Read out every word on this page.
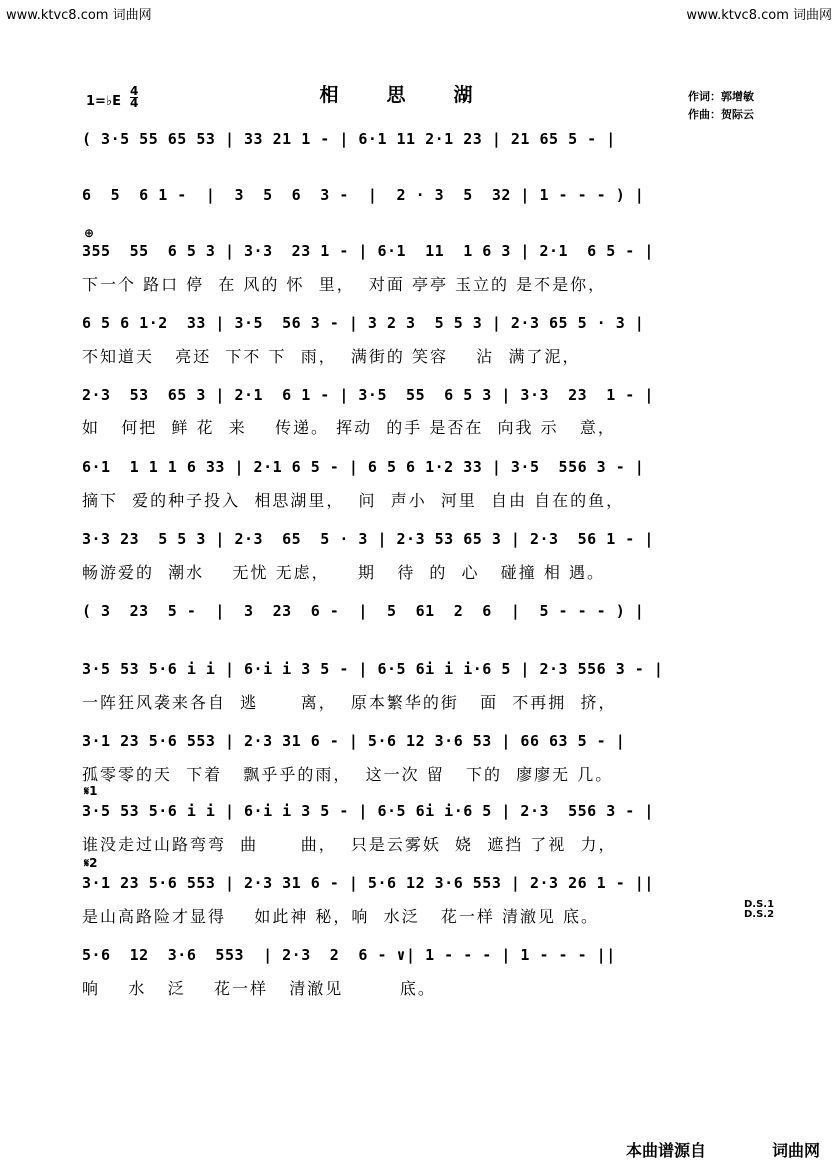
www.ktvc8.com 词曲网	www.ktvc8.com 词曲网
相思湖
1=♭E
4
4	作词：郭增敏
作曲：贺际云
( 3·5 55 65 53 | 33 21 1 - | 6·1 11 2·1 23 | 21 65 5 - |
6  5  6 1 -  |  3  5  6  3 -  |  2 · 3  5  32 | 1 - - - ) |
⊕
355  55  6 5 3 | 3·3  23 1 - | 6·1  11  1 6 3 | 2·1  6 5 - |
下一个 路口 停  在 风的 怀  里，  对面 亭亭 玉立的 是不是你，
6 5 6 1·2  33 | 3·5  56 3 - | 3 2 3  5 5 3 | 2·3 65 5 · 3 |
不知道天   亮还  下不 下  雨，  满街的 笑容    沾  满了泥，
2·3  53  65 3 | 2·1  6 1 - | 3·5  55  6 5 3 | 3·3  23  1 - |
如   何把  鲜 花  来    传递。 挥动  的手 是否在  向我 示   意，
6·1  1 1 1 6 33 | 2·1 6 5 - | 6 5 6 1·2 33 | 3·5  556 3 - |
摘下  爱的种子投入  相思湖里，  问  声小  河里  自由 自在的鱼，
3·3 23  5 5 3 | 2·3  65  5 · 3 | 2·3 53 65 3 | 2·3  56 1 - |
畅游爱的  潮水    无忧 无虑，    期   待  的  心   碰撞 相 遇。
( 3  23  5 -  |  3  23  6 -  |  5  61  2  6  |  5 - - - ) |
3·5 53 5·6 i i | 6·i i 3 5 - | 6·5 6i i i·6 5 | 2·3 556 3 - |
一阵狂风袭来各自  逃      离，  原本繁华的街   面  不再拥  挤，
3·1 23 5·6 553 | 2·3 31 6 - | 5·6 12 3·6 53 | 66 63 5 - |
孤零零的天  下着   飘乎乎的雨，  这一次 留   下的  廖廖无 几。
𝄋1
3·5 53 5·6 i i | 6·i i 3 5 - | 6·5 6i i·6 5 | 2·3  556 3 - |
谁没走过山路弯弯  曲      曲，  只是云雾妖  娆  遮挡 了视  力，
𝄋2
3·1 23 5·6 553 | 2·3 31 6 - | 5·6 12 3·6 553 | 2·3 26 1 - ||
是山高路险才显得    如此神 秘，响  水泛   花一样 清澈见 底。
D.S.1
D.S.2
5·6  12  3·6  553  | 2·3  2  6 - ∨| 1 - - - | 1 - - - ||
响    水   泛    花一样   清澈见        底。
本曲谱源自	词曲网
